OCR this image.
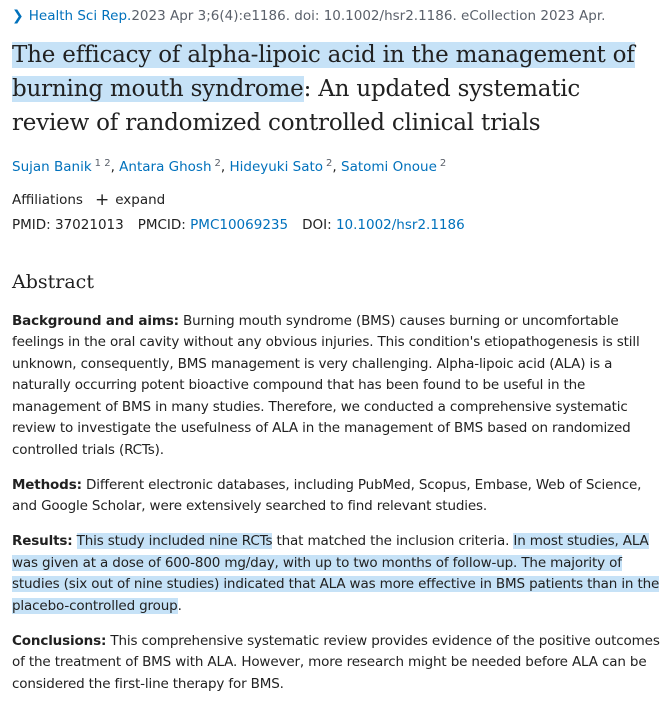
❯ Health Sci Rep. 2023 Apr 3;6(4):e1186. doi: 10.1002/hsr2.1186. eCollection 2023 Apr.
The efficacy of alpha-lipoic acid in the management of burning mouth syndrome: An updated systematic review of randomized controlled clinical trials
Sujan Banik $^{1 2}$, Antara Ghosh $^2$, Hideyuki Sato $^2$, Satomi Onoue $^2$
Affiliations + expand
PMID: 37021013 PMCID: PMC10069235 DOI: 10.1002/hsr2.1186
Abstract

Background and aims: Burning mouth syndrome (BMS) causes burning or uncomfortable feelings in the oral cavity without any obvious injuries. This condition's etiopathogenesis is still unknown, consequently, BMS management is very challenging. Alpha-lipoic acid (ALA) is a naturally occurring potent bioactive compound that has been found to be useful in the management of BMS in many studies. Therefore, we conducted a comprehensive systematic review to investigate the usefulness of ALA in the management of BMS based on randomized controlled trials (RCTs).

Methods: Different electronic databases, including PubMed, Scopus, Embase, Web of Science, and Google Scholar, were extensively searched to find relevant studies.

Results: This study included nine RCTs that matched the inclusion criteria. In most studies, ALA was given at a dose of 600-800 mg/day, with up to two months of follow-up. The majority of studies (six out of nine studies) indicated that ALA was more effective in BMS patients than in the placebo-controlled group.

Conclusions: This comprehensive systematic review provides evidence of the positive outcomes of the treatment of BMS with ALA. However, more research might be needed before ALA can be considered the first-line therapy for BMS.
